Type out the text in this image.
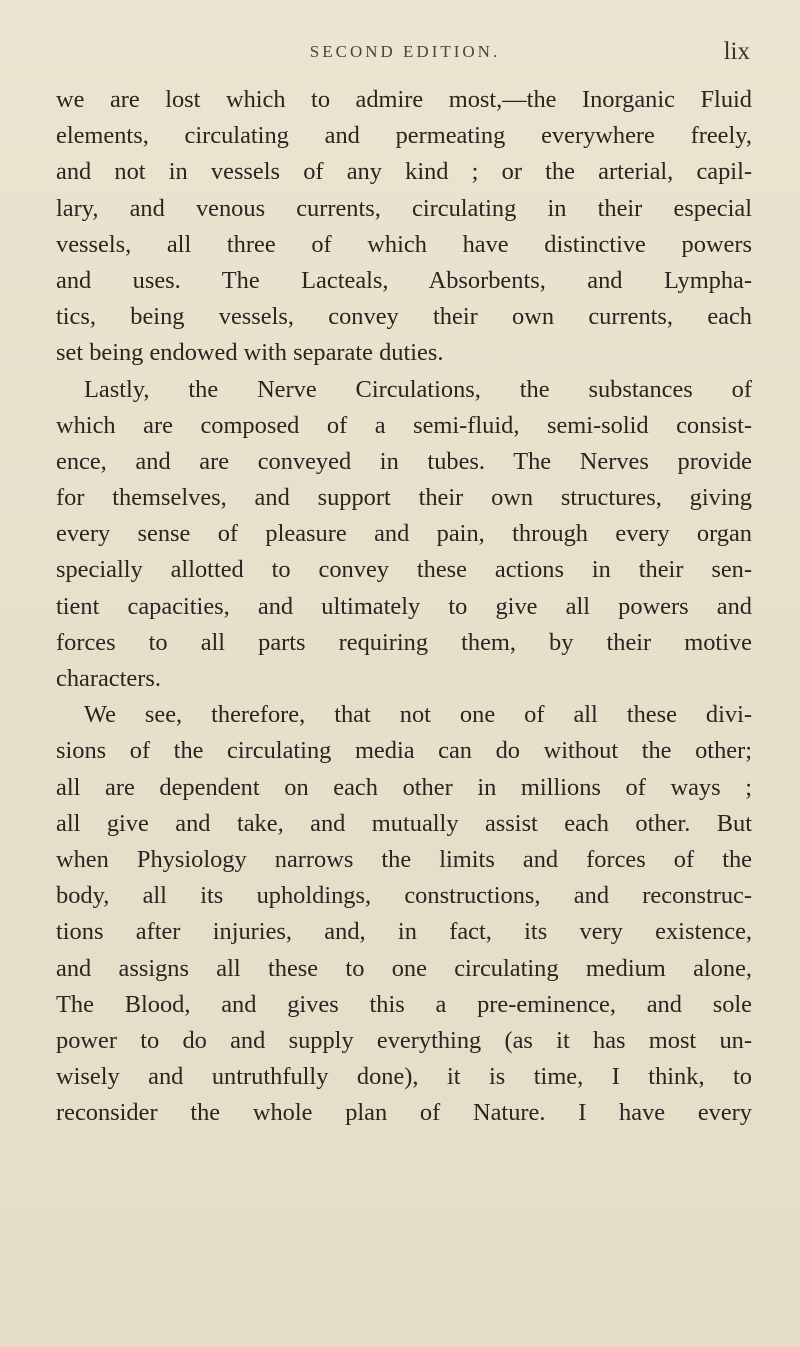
SECOND EDITION.	lix
we are lost which to admire most,—the Inorganic Fluid
elements, circulating and permeating everywhere freely,
and not in vessels of any kind ; or the arterial, capil-
lary, and venous currents, circulating in their especial
vessels, all three of which have distinctive powers
and uses. The Lacteals, Absorbents, and Lympha-
tics, being vessels, convey their own currents, each
set being endowed with separate duties.
Lastly, the Nerve Circulations, the substances of
which are composed of a semi-fluid, semi-solid consist-
ence, and are conveyed in tubes. The Nerves provide
for themselves, and support their own structures, giving
every sense of pleasure and pain, through every organ
specially allotted to convey these actions in their sen-
tient capacities, and ultimately to give all powers and
forces to all parts requiring them, by their motive
characters.
We see, therefore, that not one of all these divi-
sions of the circulating media can do without the other;
all are dependent on each other in millions of ways ;
all give and take, and mutually assist each other. But
when Physiology narrows the limits and forces of the
body, all its upholdings, constructions, and reconstruc-
tions after injuries, and, in fact, its very existence,
and assigns all these to one circulating medium alone,
The Blood, and gives this a pre-eminence, and sole
power to do and supply everything (as it has most un-
wisely and untruthfully done), it is time, I think, to
reconsider the whole plan of Nature. I have every
